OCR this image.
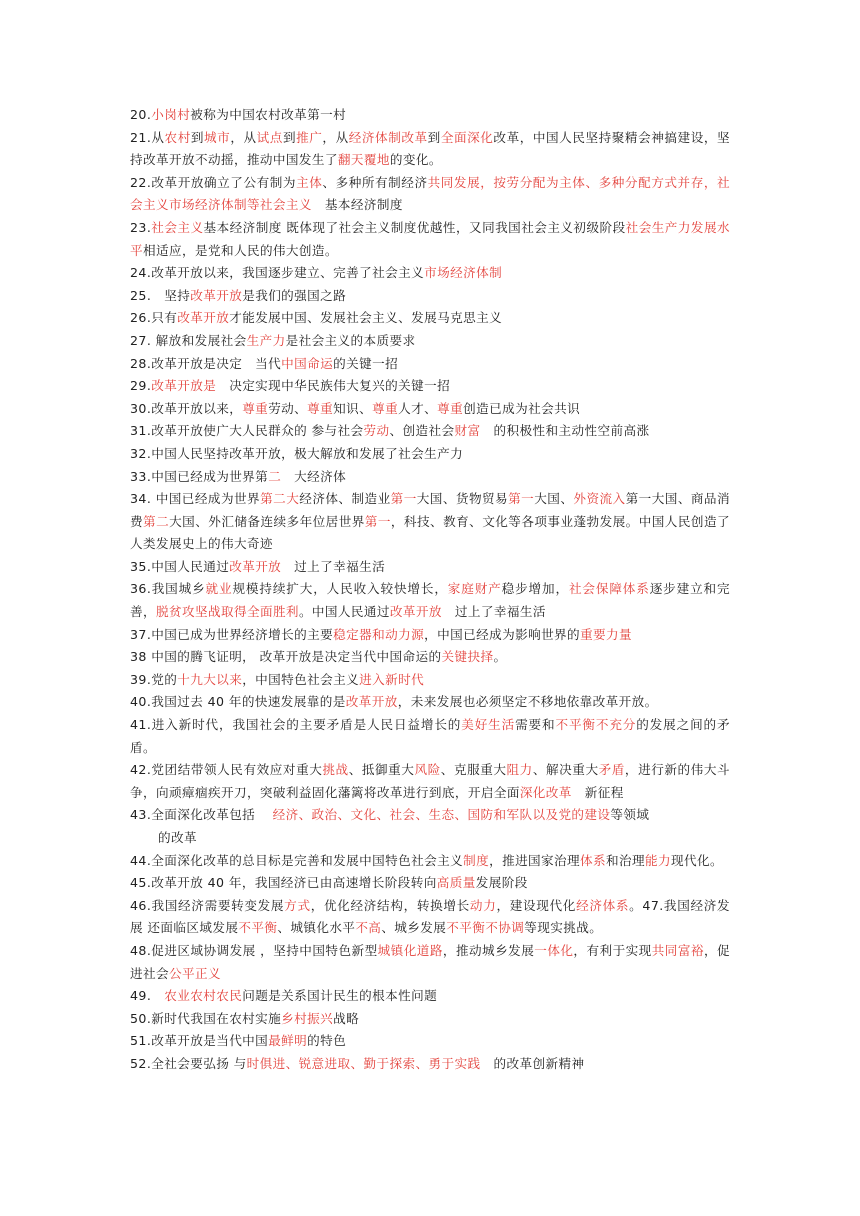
20.小岗村被称为中国农村改革第一村

21.从农村到城市，从试点到推广，从经济体制改革到全面深化改革，中国人民坚持聚精会神搞建设，坚持改革开放不动摇，推动中国发生了翻天覆地的变化。

22.改革开放确立了公有制为主体、多种所有制经济共同发展，按劳分配为主体、多种分配方式并存，社会主义市场经济体制等社会主义　基本经济制度

23.社会主义基本经济制度 既体现了社会主义制度优越性，又同我国社会主义初级阶段社会生产力发展水平相适应，是党和人民的伟大创造。

24.改革开放以来，我国逐步建立、完善了社会主义市场经济体制

25.　坚持改革开放是我们的强国之路

26.只有改革开放才能发展中国、发展社会主义、发展马克思主义

27. 解放和发展社会生产力是社会主义的本质要求

28.改革开放是决定　当代中国命运的关键一招

29.改革开放是　决定实现中华民族伟大复兴的关键一招

30.改革开放以来，尊重劳动、尊重知识、尊重人才、尊重创造已成为社会共识

31.改革开放使广大人民群众的 参与社会劳动、创造社会财富　的积极性和主动性空前高涨

32.中国人民坚持改革开放，极大解放和发展了社会生产力

33.中国已经成为世界第二　大经济体

34. 中国已经成为世界第二大经济体、制造业第一大国、货物贸易第一大国、外资流入第一大国、商品消费第二大国、外汇储备连续多年位居世界第一，科技、教育、文化等各项事业蓬勃发展。中国人民创造了人类发展史上的伟大奇迹

35.中国人民通过改革开放　过上了幸福生活

36.我国城乡就业规模持续扩大，人民收入较快增长，家庭财产稳步增加，社会保障体系逐步建立和完善，脱贫攻坚战取得全面胜利。中国人民通过改革开放　过上了幸福生活

37.中国已成为世界经济增长的主要稳定器和动力源，中国已经成为影响世界的重要力量

38 中国的腾飞证明， 改革开放是决定当代中国命运的关键抉择。

39.党的十九大以来，中国特色社会主义进入新时代

40.我国过去 40 年的快速发展靠的是改革开放，未来发展也必须坚定不移地依靠改革开放。

41.进入新时代，我国社会的主要矛盾是人民日益增长的美好生活需要和不平衡不充分的发展之间的矛盾。

42.党团结带领人民有效应对重大挑战、抵御重大风险、克服重大阻力、解决重大矛盾，进行新的伟大斗争，向顽瘴痼疾开刀，突破利益固化藩篱将改革进行到底，开启全面深化改革　新征程

43.全面深化改革包括　 经济、政治、文化、社会、生态、国防和军队以及党的建设等领域

的改革

44.全面深化改革的总目标是完善和发展中国特色社会主义制度，推进国家治理体系和治理能力现代化。

45.改革开放 40 年，我国经济已由高速增长阶段转向高质量发展阶段

46.我国经济需要转变发展方式，优化经济结构，转换增长动力，建设现代化经济体系。47.我国经济发展 还面临区域发展不平衡、城镇化水平不高、城乡发展不平衡不协调等现实挑战。

48.促进区域协调发展 ，坚持中国特色新型城镇化道路，推动城乡发展一体化，有利于实现共同富裕，促进社会公平正义

49.　农业农村农民问题是关系国计民生的根本性问题

50.新时代我国在农村实施乡村振兴战略

51.改革开放是当代中国最鲜明的特色

52.全社会要弘扬 与时俱进、锐意进取、勤于探索、勇于实践　的改革创新精神
